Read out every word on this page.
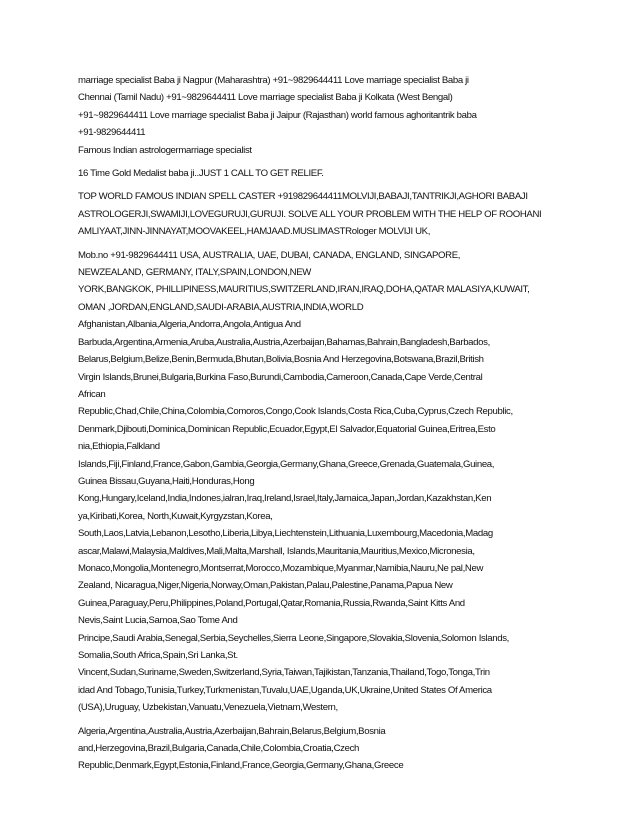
marriage specialist Baba ji Nagpur (Maharashtra) +91~9829644411 Love marriage specialist Baba ji
Chennai (Tamil Nadu) +91~9829644411 Love marriage specialist Baba ji Kolkata (West Bengal)
+91~9829644411 Love marriage specialist Baba ji Jaipur (Rajasthan) world famous aghoritantrik baba
+91-9829644411
Famous Indian astrologermarriage specialist
16 Time Gold Medalist baba ji..JUST 1 CALL TO GET RELIEF.
TOP WORLD FAMOUS INDIAN SPELL CASTER +919829644411MOLVIJI,BABAJI,TANTRIKJI,AGHORI BABAJI
ASTROLOGERJI,SWAMIJI,LOVEGURUJI,GURUJI. SOLVE ALL YOUR PROBLEM WITH THE HELP OF ROOHANI
AMLIYAAT,JINN-JINNAYAT,MOOVAKEEL,HAMJAAD.MUSLIMASTRologer MOLVIJI UK,
Mob.no +91-9829644411 USA, AUSTRALIA, UAE, DUBAI, CANADA, ENGLAND, SINGAPORE,
NEWZEALAND, GERMANY, ITALY,SPAIN,LONDON,NEW
YORK,BANGKOK, PHILLIPINESS,MAURITIUS,SWITZERLAND,IRAN,IRAQ,DOHA,QATAR MALASIYA,KUWAIT,
OMAN ,JORDAN,ENGLAND,SAUDI-ARABIA,AUSTRIA,INDIA,WORLD
Afghanistan,Albania,Algeria,Andorra,Angola,Antigua And
Barbuda,Argentina,Armenia,Aruba,Australia,Austria,Azerbaijan,Bahamas,Bahrain,Bangladesh,Barbados,
Belarus,Belgium,Belize,Benin,Bermuda,Bhutan,Bolivia,Bosnia And Herzegovina,Botswana,Brazil,British
Virgin Islands,Brunei,Bulgaria,Burkina Faso,Burundi,Cambodia,Cameroon,Canada,Cape Verde,Central
African
Republic,Chad,Chile,China,Colombia,Comoros,Congo,Cook Islands,Costa Rica,Cuba,Cyprus,Czech Republic,
Denmark,Djibouti,Dominica,Dominican Republic,Ecuador,Egypt,El Salvador,Equatorial Guinea,Eritrea,Esto
nia,Ethiopia,Falkland
Islands,Fiji,Finland,France,Gabon,Gambia,Georgia,Germany,Ghana,Greece,Grenada,Guatemala,Guinea,
Guinea Bissau,Guyana,Haiti,Honduras,Hong
Kong,Hungary,Iceland,India,Indones,ialran,Iraq,Ireland,Israel,Italy,Jamaica,Japan,Jordan,Kazakhstan,Ken
ya,Kiribati,Korea, North,Kuwait,Kyrgyzstan,Korea,
South,Laos,Latvia,Lebanon,Lesotho,Liberia,Libya,Liechtenstein,Lithuania,Luxembourg,Macedonia,Madag
ascar,Malawi,Malaysia,Maldives,Mali,Malta,Marshall, Islands,Mauritania,Mauritius,Mexico,Micronesia,
Monaco,Mongolia,Montenegro,Montserrat,Morocco,Mozambique,Myanmar,Namibia,Nauru,Ne pal,New
Zealand, Nicaragua,Niger,Nigeria,Norway,Oman,Pakistan,Palau,Palestine,Panama,Papua New
Guinea,Paraguay,Peru,Philippines,Poland,Portugal,Qatar,Romania,Russia,Rwanda,Saint Kitts And
Nevis,Saint Lucia,Samoa,Sao Tome And
Principe,Saudi Arabia,Senegal,Serbia,Seychelles,Sierra Leone,Singapore,Slovakia,Slovenia,Solomon Islands,
Somalia,South Africa,Spain,Sri Lanka,St.
Vincent,Sudan,Suriname,Sweden,Switzerland,Syria,Taiwan,Tajikistan,Tanzania,Thailand,Togo,Tonga,Trin
idad And Tobago,Tunisia,Turkey,Turkmenistan,Tuvalu,UAE,Uganda,UK,Ukraine,United States Of America
(USA),Uruguay, Uzbekistan,Vanuatu,Venezuela,Vietnam,Western,
Algeria,Argentina,Australia,Austria,Azerbaijan,Bahrain,Belarus,Belgium,Bosnia
and,Herzegovina,Brazil,Bulgaria,Canada,Chile,Colombia,Croatia,Czech
Republic,Denmark,Egypt,Estonia,Finland,France,Georgia,Germany,Ghana,Greece
